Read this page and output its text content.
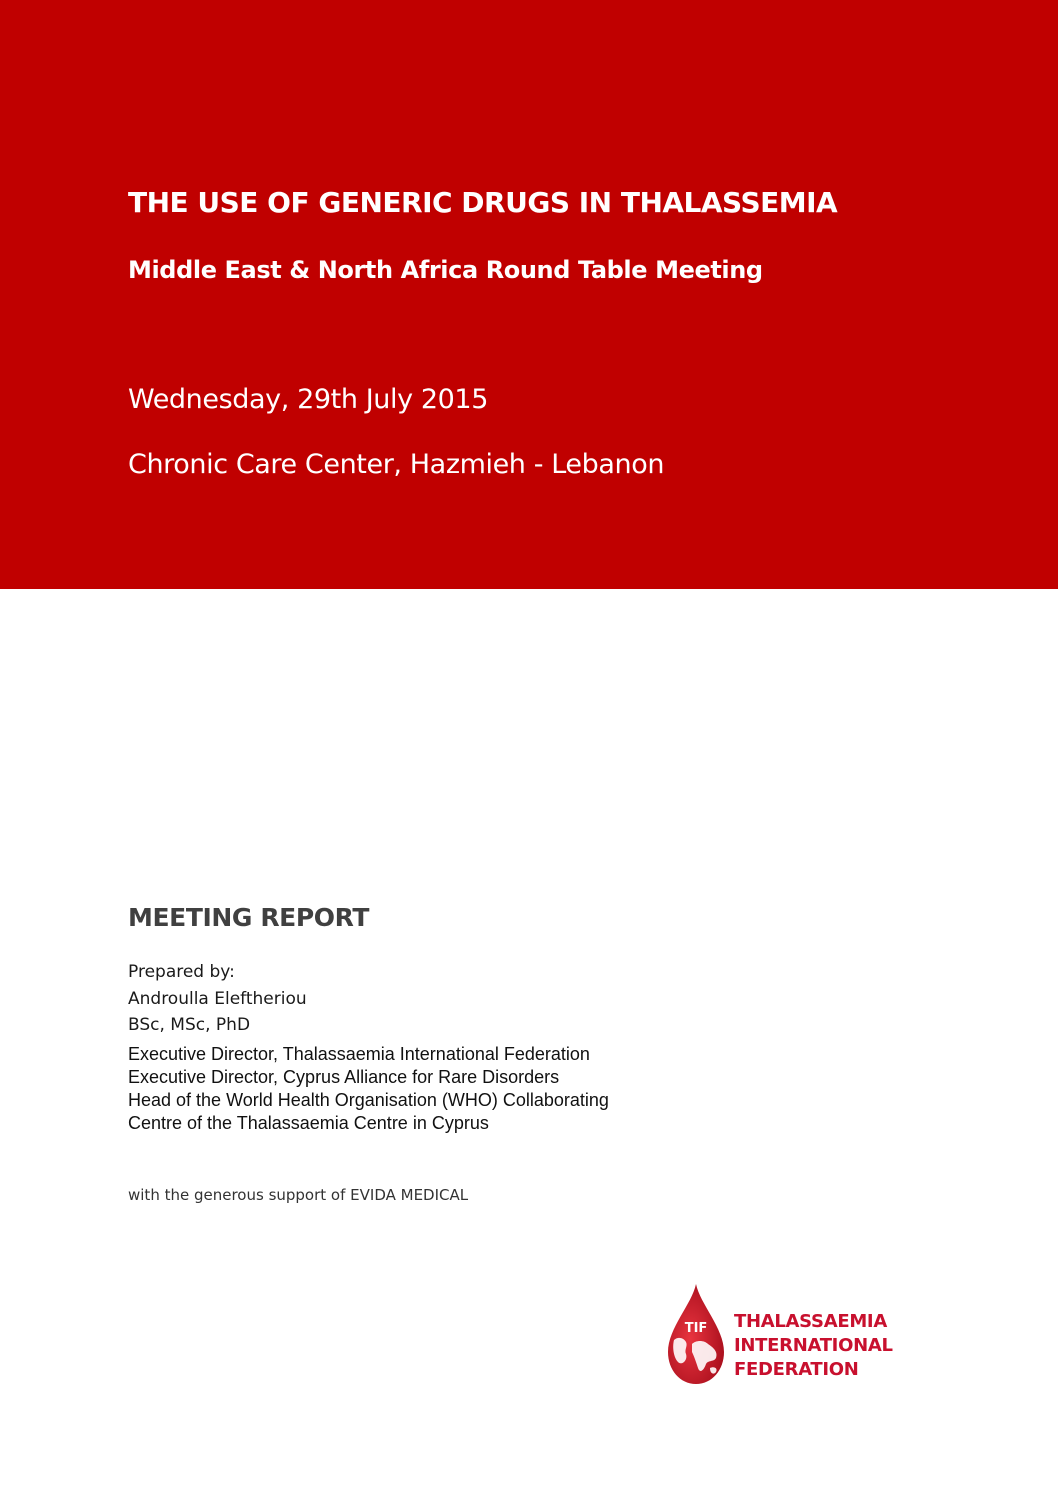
THE USE OF GENERIC DRUGS IN THALASSEMIA
Middle East & North Africa Round Table Meeting
Wednesday, 29th July 2015
Chronic Care Center, Hazmieh - Lebanon
MEETING REPORT
Prepared by:
Androulla Eleftheriou
BSc, MSc, PhD
Executive Director, Thalassaemia International Federation
Executive Director, Cyprus Alliance for Rare Disorders
Head of the World Health Organisation (WHO) Collaborating
Centre of the Thalassaemia Centre in Cyprus
with the generous support of EVIDA MEDICAL
TIF THALASSAEMIA
INTERNATIONAL
FEDERATION
